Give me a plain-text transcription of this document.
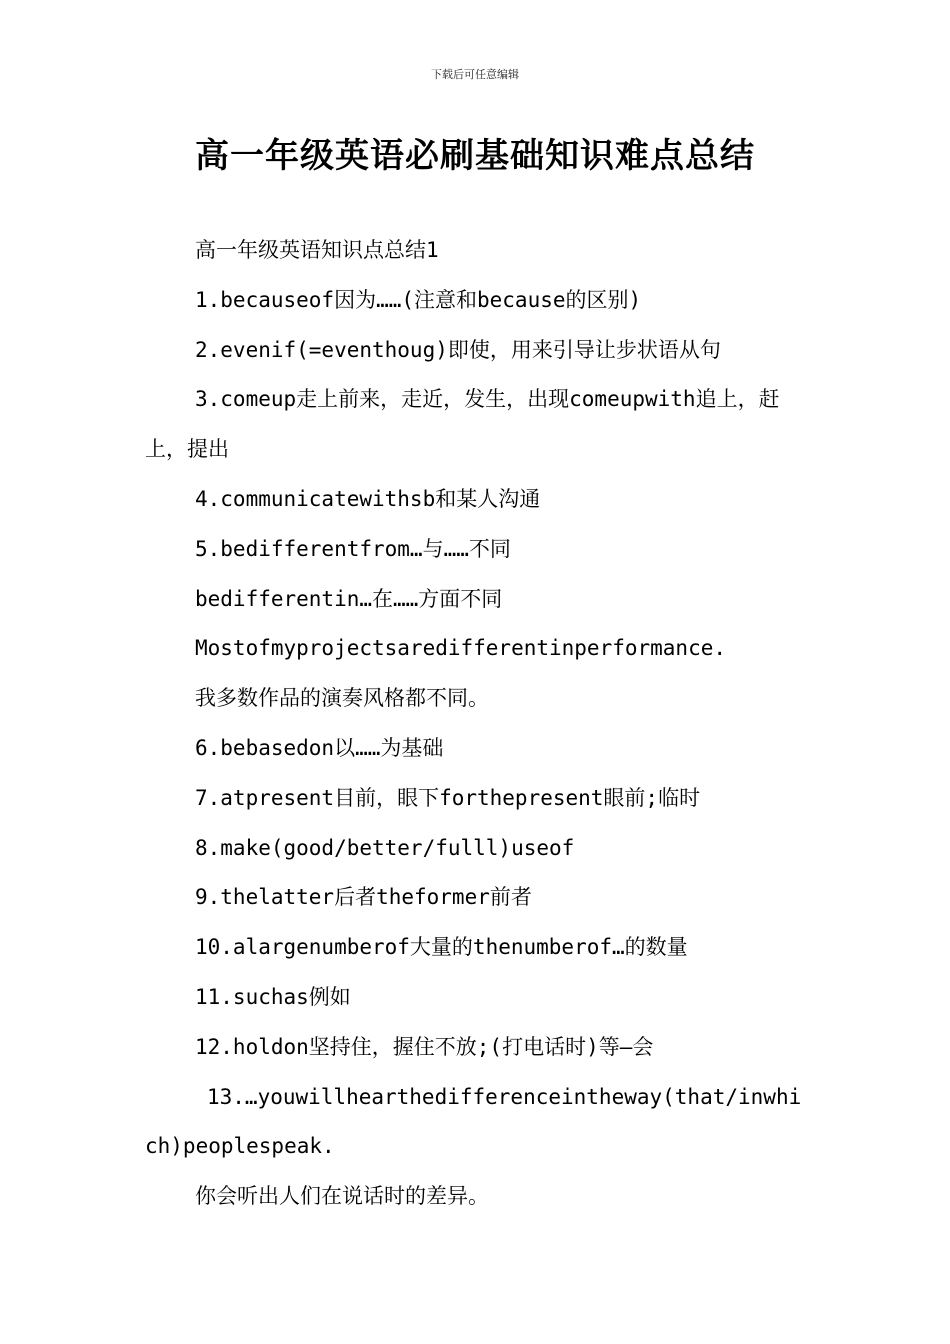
下载后可任意编辑
高一年级英语必刷基础知识难点总结

高一年级英语知识点总结1

1.becauseof因为……(注意和because的区别)

2.evenif(=eventhoug)即使，用来引导让步状语从句

3.comeup走上前来，走近，发生，出现comeupwith追上，赶上，提出

4.communicatewithsb和某人沟通

5.bedifferentfrom…与……不同

bedifferentin…在……方面不同

Mostofmyprojectsaredifferentinperformance.

我多数作品的演奏风格都不同。

6.bebasedon以……为基础

7.atpresent目前，眼下forthepresent眼前;临时

8.make(good/better/fulll)useof

9.thelatter后者theformer前者

10.alargenumberof大量的thenumberof…的数量

11.suchas例如

12.holdon坚持住，握住不放;(打电话时)等—会

13.…youwillhearthedifferenceintheway(that/inwhich)peoplespeak.

你会听出人们在说话时的差异。
